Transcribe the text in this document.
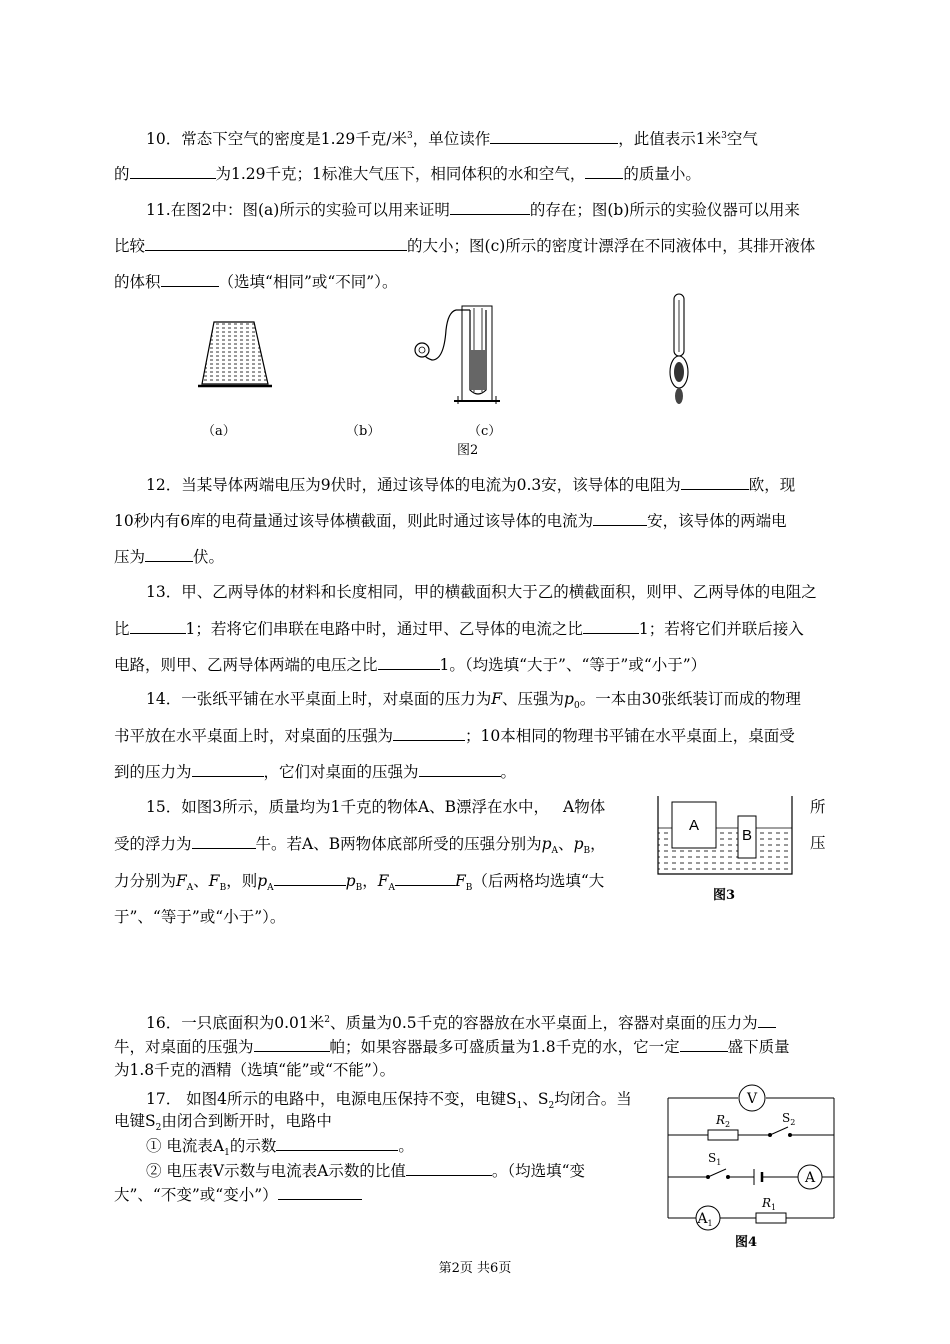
10．常态下空气的密度是1.29千克/米$^3$，单位读作	，此值表示1米$^3$空气
的	为1.29千克；1标准大气压下，相同体积的水和空气， 的质量小。
11.在图2中：图(a)所示的实验可以用来证明	的存在；图(b)所示的实验仪器可以用来
比较	的大小；图(c)所示的密度计漂浮在不同液体中，其排开液体
的体积	（选填“相同”或“不同”）。
（a）	（b）	（c）
图2
12．当某导体两端电压为9伏时，通过该导体的电流为0.3安，该导体的电阻为	欧，现
10秒内有6库的电荷量通过该导体横截面，则此时通过该导体的电流为	安，该导体的两端电
压为	伏。
13．甲、乙两导体的材料和长度相同，甲的横截面积大于乙的横截面积，则甲、乙两导体的电阻之
比	1；若将它们串联在电路中时，通过甲、乙导体的电流之比	1；若将它们并联后接入
电路，则甲、乙两导体两端的电压之比	1。（均选填“大于”、“等于”或“小于”）
14．一张纸平铺在水平桌面上时，对桌面的压力为F、压强为$p_0$。一本由30张纸装订而成的物理
书平放在水平桌面上时，对桌面的压强为	；10本相同的物理书平铺在水平桌面上，桌面受
到的压力为	，它们对桌面的压强为	。
15．如图3所示，质量均为1千克的物体A、B漂浮在水中， A物体	所
受的浮力为	牛。若A、B两物体底部所受的压强分别为$p_A$、$p_B$，	压
力分别为$F_A$、$F_B$，则$p_A$	$p_B$，$F_A$	$F_B$（后两格均选填“大
于”、“等于”或“小于”）。
A
B
图3
16．一只底面积为0.01米$^2$、质量为0.5千克的容器放在水平桌面上，容器对桌面的压力为
牛，对桌面的压强为	帕；如果容器最多可盛质量为1.8千克的水，它一定	盛下质量
为1.8千克的酒精（选填“能”或“不能”）。
17． 如图4所示的电路中，电源电压保持不变，电键$S_1$、$S_2$均闭合。当
电键$S_2$由闭合到断开时，电路中
① 电流表$A_1$的示数	。
② 电压表V示数与电流表A示数的比值	。（均选填“变
大”、“不变”或“变小”）
V
A
$A_1$
$R_2$	$S_2$
$S_1$
$R_1$
图4
第2页 共6页
